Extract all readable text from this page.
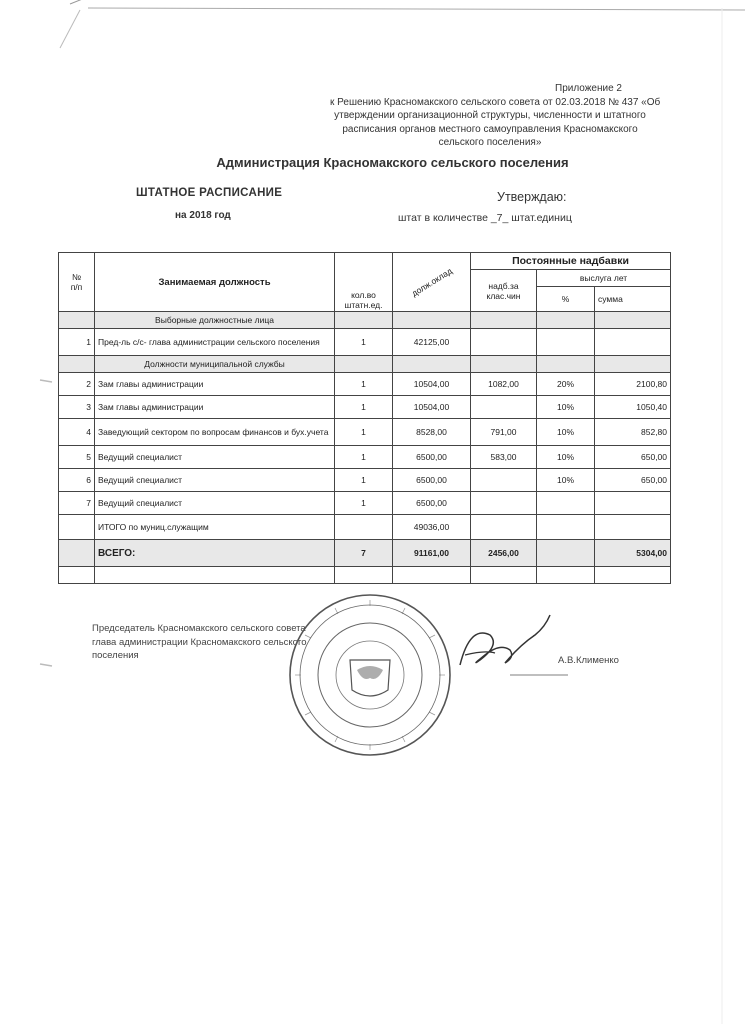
Приложение 2
к Решению Красномакского сельского совета от 02.03.2018 № 437 «Об
утверждении организационной структуры, численности и штатного
расписания органов местного самоуправления Красномакского
сельского поселения»
Администрация Красномакского сельского поселения
ШТАТНОЕ РАСПИСАНИЕ
на 2018 год
Утверждаю:
штат в количестве _7_ штат.единиц
№
п/п	Занимаемая должность	кол.во штатн.ед.	долж.оклад	Постоянные надбавки		
				надб.за клас.чин	выслуга лет	
					%	сумма
	Выборные должностные лица					
1	Пред-ль с/с- глава администрации сельского поселения	1	42125,00			
	Должности муниципальной службы					
2	Зам главы администрации	1	10504,00	1082,00	20%	2100,80
3	Зам главы администрации	1	10504,00		10%	1050,40
4	Заведующий сектором по вопросам финансов и бух.учета	1	8528,00	791,00	10%	852,80
5	Ведущий специалист	1	6500,00	583,00	10%	650,00
6	Ведущий специалист	1	6500,00		10%	650,00
7	Ведущий специалист	1	6500,00			
	ИТОГО по муниц.служащим		49036,00			
	ВСЕГО:	7	91161,00	2456,00		5304,00

Председатель Красномакского сельского совета
глава администрации Красномакского сельского
поселения	А.В.Клименко
